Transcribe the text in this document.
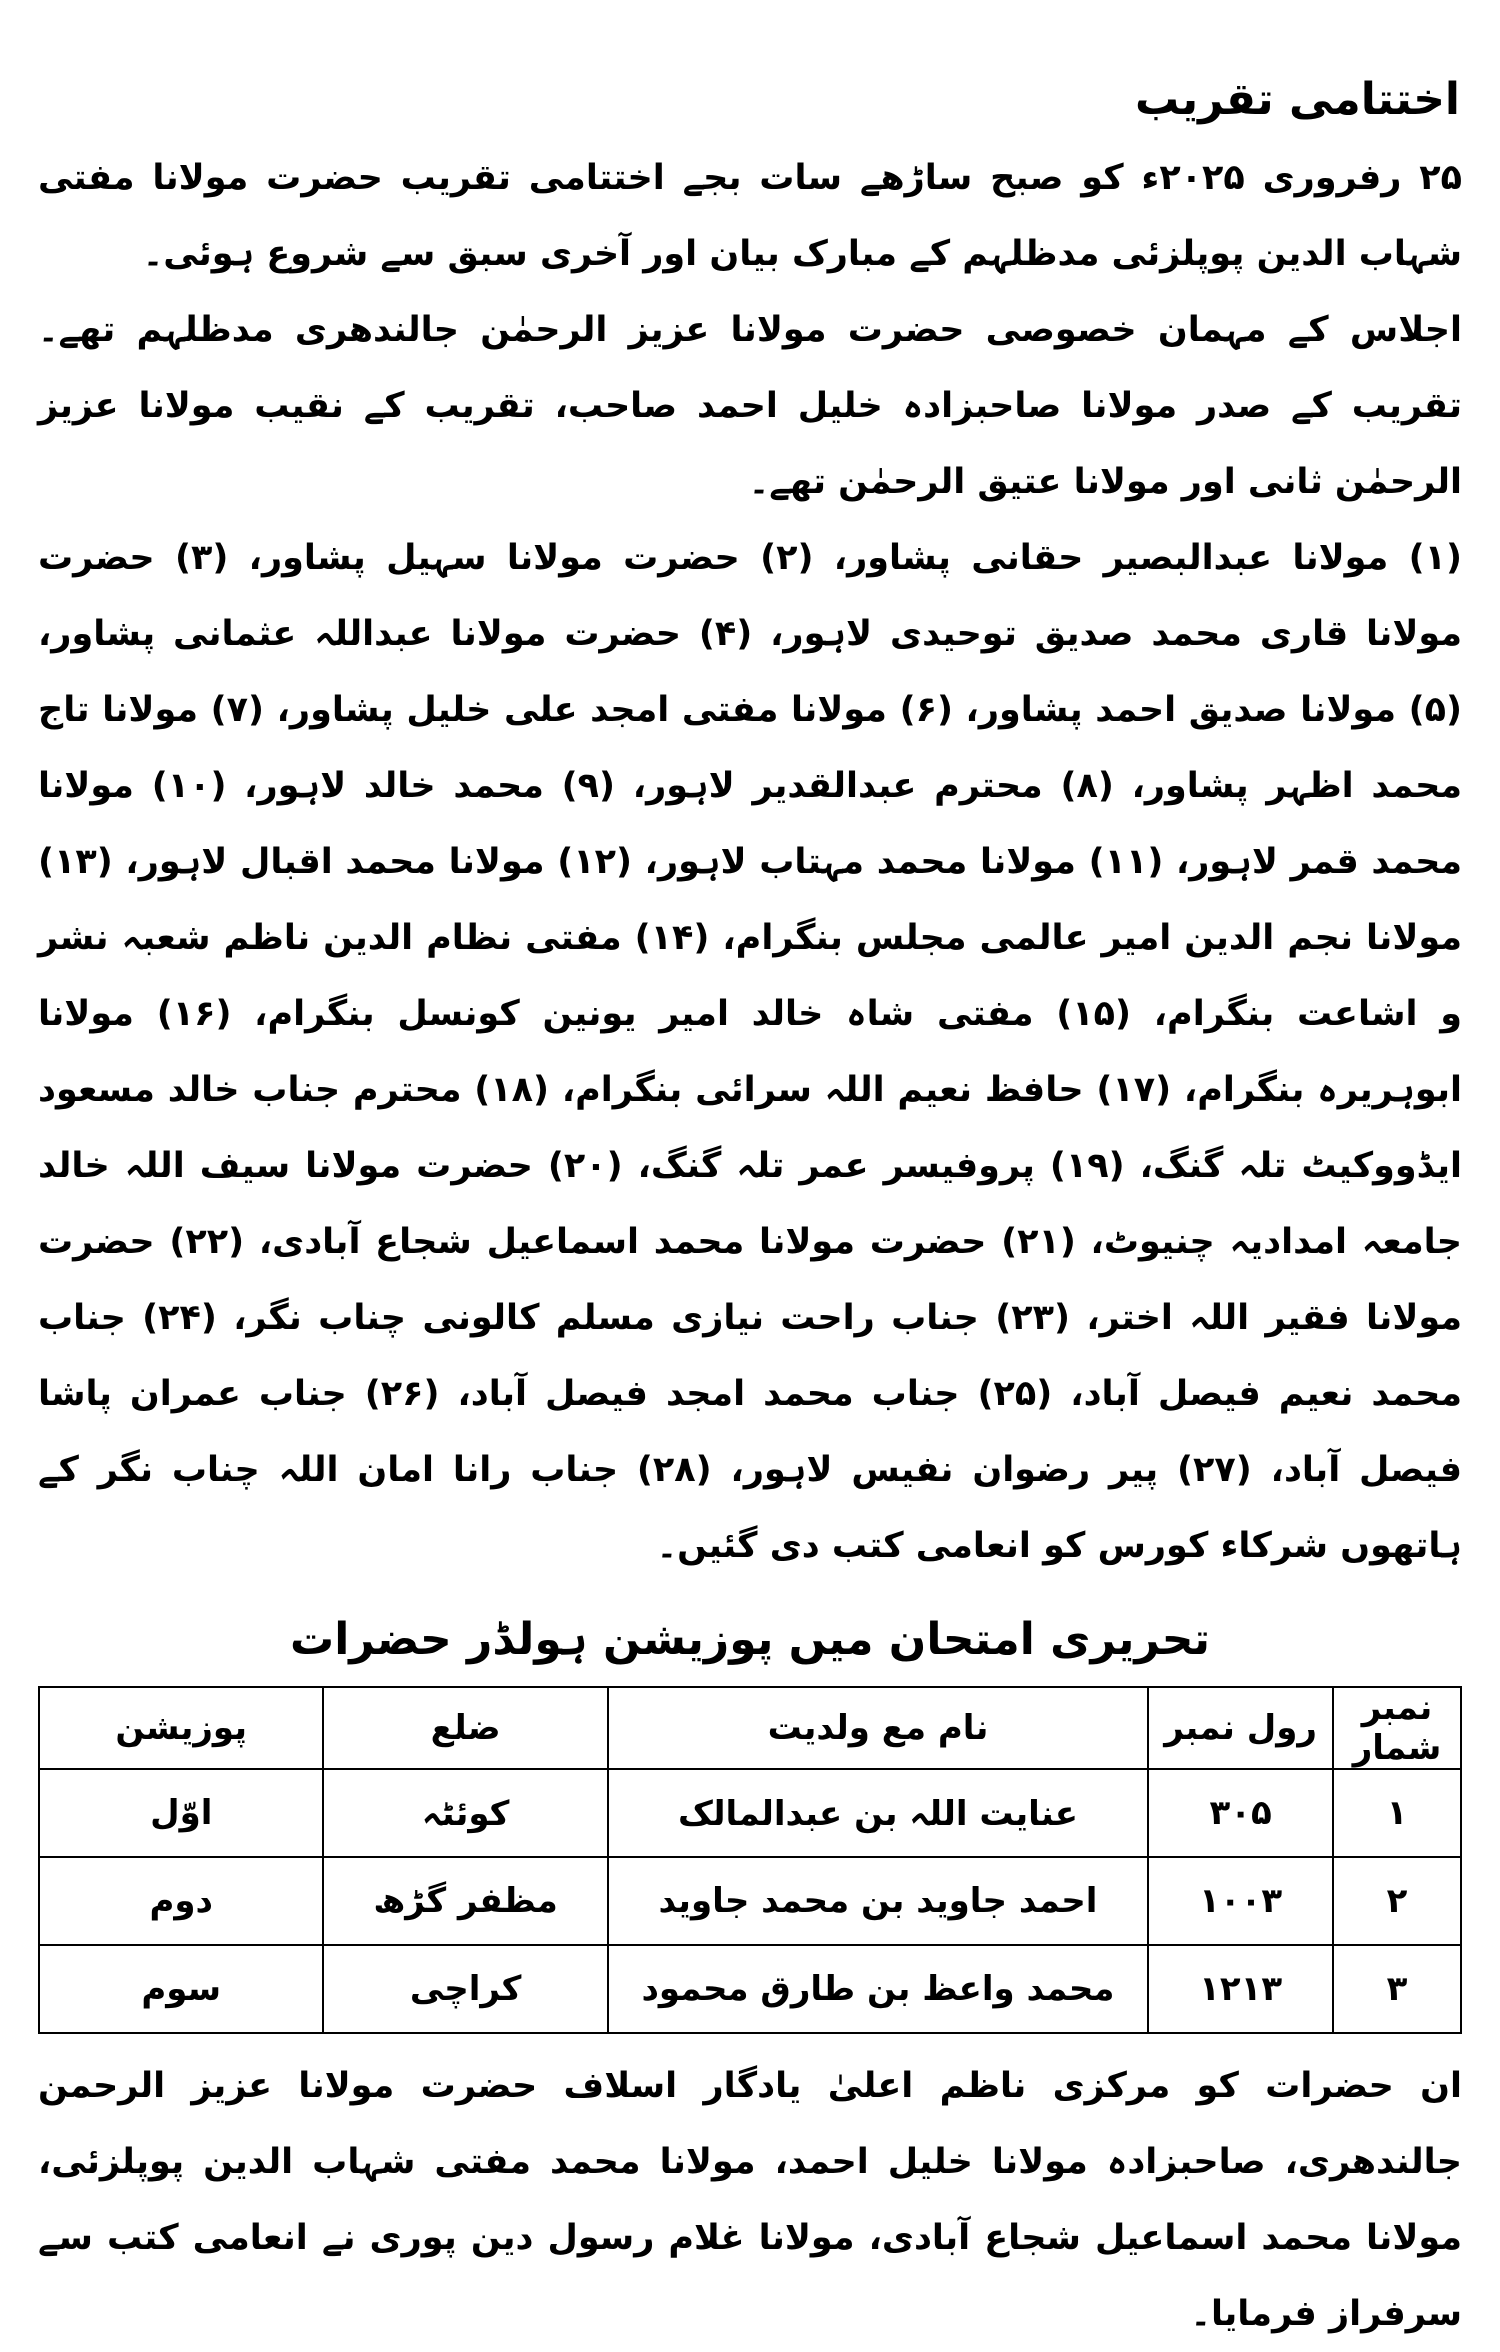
اختتامی تقریب

۲۵ رفروری ۲۰۲۵ء کو صبح ساڑھے سات بجے اختتامی تقریب حضرت مولانا مفتی شہاب الدین پوپلزئی مدظلہم کے مبارک بیان اور آخری سبق سے شروع ہوئی۔

اجلاس کے مہمان خصوصی حضرت مولانا عزیز الرحمٰن جالندھری مدظلہم تھے۔ تقریب کے صدر مولانا صاحبزادہ خلیل احمد صاحب، تقریب کے نقیب مولانا عزیز الرحمٰن ثانی اور مولانا عتیق الرحمٰن تھے۔

(۱) مولانا عبدالبصیر حقانی پشاور، (۲) حضرت مولانا سہیل پشاور، (۳) حضرت مولانا قاری محمد صدیق توحیدی لاہور، (۴) حضرت مولانا عبداللہ عثمانی پشاور، (۵) مولانا صدیق احمد پشاور، (۶) مولانا مفتی امجد علی خلیل پشاور، (۷) مولانا تاج محمد اظہر پشاور، (۸) محترم عبدالقدیر لاہور، (۹) محمد خالد لاہور، (۱۰) مولانا محمد قمر لاہور، (۱۱) مولانا محمد مہتاب لاہور، (۱۲) مولانا محمد اقبال لاہور، (۱۳) مولانا نجم الدین امیر عالمی مجلس بنگرام، (۱۴) مفتی نظام الدین ناظم شعبہ نشر و اشاعت بنگرام، (۱۵) مفتی شاہ خالد امیر یونین کونسل بنگرام، (۱۶) مولانا ابوہریرہ بنگرام، (۱۷) حافظ نعیم اللہ سرائی بنگرام، (۱۸) محترم جناب خالد مسعود ایڈووکیٹ تلہ گنگ، (۱۹) پروفیسر عمر تلہ گنگ، (۲۰) حضرت مولانا سیف اللہ خالد جامعہ امدادیہ چنیوٹ، (۲۱) حضرت مولانا محمد اسماعیل شجاع آبادی، (۲۲) حضرت مولانا فقیر اللہ اختر، (۲۳) جناب راحت نیازی مسلم کالونی چناب نگر، (۲۴) جناب محمد نعیم فیصل آباد، (۲۵) جناب محمد امجد فیصل آباد، (۲۶) جناب عمران پاشا فیصل آباد، (۲۷) پیر رضوان نفیس لاہور، (۲۸) جناب رانا امان اللہ چناب نگر کے ہاتھوں شرکاء کورس کو انعامی کتب دی گئیں۔

تحریری امتحان میں پوزیشن ہولڈر حضرات
نمبر شمار	رول نمبر	نام مع ولدیت	ضلع	پوزیشن
۱	۳۰۵	عنایت اللہ بن عبدالمالک	کوئٹہ	اوّل
۲	۱۰۰۳	احمد جاوید بن محمد جاوید	مظفر گڑھ	دوم
۳	۱۲۱۳	محمد واعظ بن طارق محمود	کراچی	سوم

ان حضرات کو مرکزی ناظم اعلیٰ یادگار اسلاف حضرت مولانا عزیز الرحمن جالندھری، صاحبزادہ مولانا خلیل احمد، مولانا محمد مفتی شہاب الدین پوپلزئی، مولانا محمد اسماعیل شجاع آبادی، مولانا غلام رسول دین پوری نے انعامی کتب سے سرفراز فرمایا۔
